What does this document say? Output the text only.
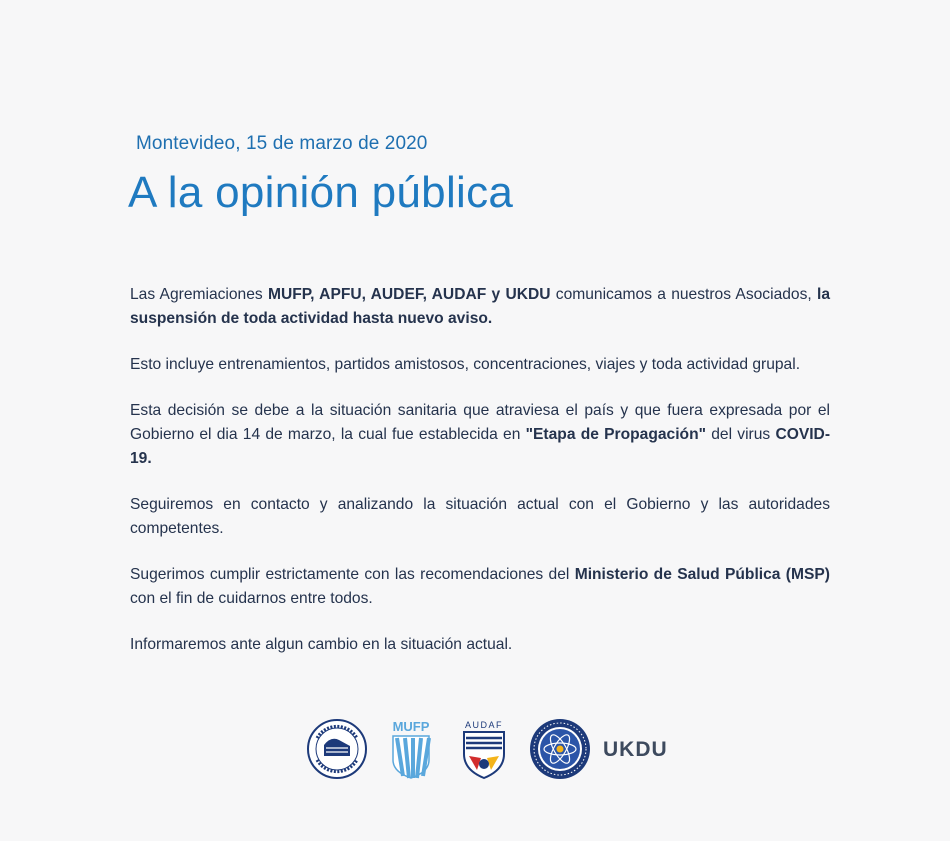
Montevideo, 15 de marzo de 2020
A la opinión pública

Las Agremiaciones MUFP, APFU, AUDEF, AUDAF y UKDU comunicamos a nuestros Asociados, la suspensión de toda actividad hasta nuevo aviso.

Esto incluye entrenamientos, partidos amistosos, concentraciones, viajes y toda actividad grupal.

Esta decisión se debe a la situación sanitaria que atraviesa el país y que fuera expresada por el Gobierno el dia 14 de marzo, la cual fue establecida en "Etapa de Propagación" del virus COVID-19.

Seguiremos en contacto y analizando la situación actual con el Gobierno y las autoridades competentes.

Sugerimos cumplir estrictamente con las recomendaciones del Ministerio de Salud Pública (MSP) con el fin de cuidarnos entre todos.

Informaremos ante algun cambio en la situación actual.

MUFP	AUDAF
UKDU
